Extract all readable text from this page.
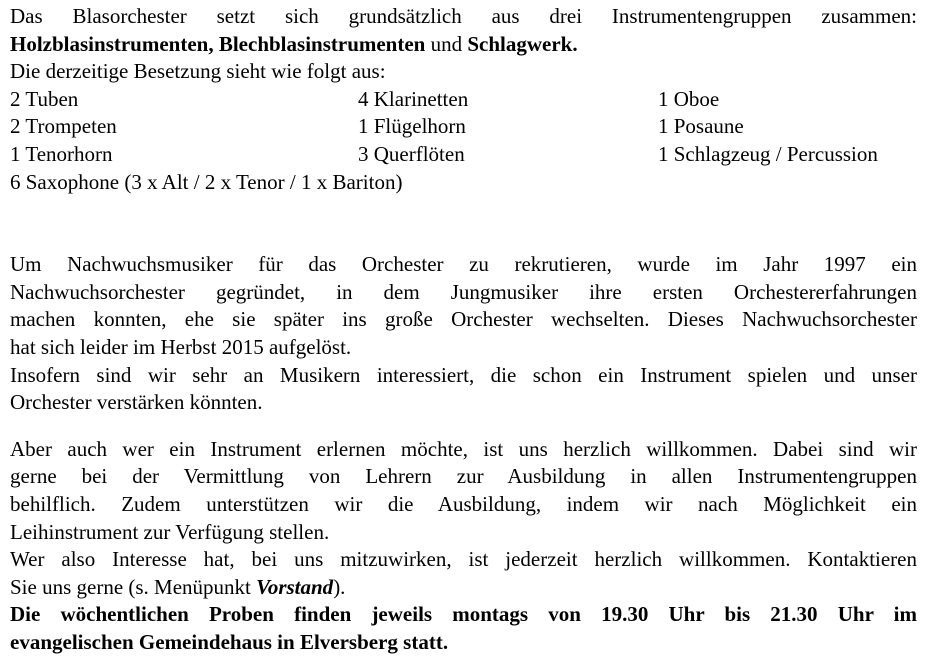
Das Blasorchester setzt sich grundsätzlich aus drei Instrumentengruppen zusammen:
Holzblasinstrumenten, Blechblasinstrumenten und Schlagwerk.
Die derzeitige Besetzung sieht wie folgt aus:
2 Tuben	4 Klarinetten	1 Oboe
2 Trompeten	1 Flügelhorn	1 Posaune
1 Tenorhorn	3 Querflöten	1 Schlagzeug / Percussion
6 Saxophone (3 x Alt / 2 x Tenor / 1 x Bariton)
Um Nachwuchsmusiker für das Orchester zu rekrutieren, wurde im Jahr 1997 ein
Nachwuchsorchester gegründet, in dem Jungmusiker ihre ersten Orchestererfahrungen
machen konnten, ehe sie später ins große Orchester wechselten. Dieses Nachwuchsorchester
hat sich leider im Herbst 2015 aufgelöst.
Insofern sind wir sehr an Musikern interessiert, die schon ein Instrument spielen und unser
Orchester verstärken könnten.
Aber auch wer ein Instrument erlernen möchte, ist uns herzlich willkommen. Dabei sind wir
gerne bei der Vermittlung von Lehrern zur Ausbildung in allen Instrumentengruppen
behilflich. Zudem unterstützen wir die Ausbildung, indem wir nach Möglichkeit ein
Leihinstrument zur Verfügung stellen.
Wer also Interesse hat, bei uns mitzuwirken, ist jederzeit herzlich willkommen. Kontaktieren
Sie uns gerne (s. Menüpunkt Vorstand).
Die wöchentlichen Proben finden jeweils montags von 19.30 Uhr bis 21.30 Uhr im
evangelischen Gemeindehaus in Elversberg statt.
